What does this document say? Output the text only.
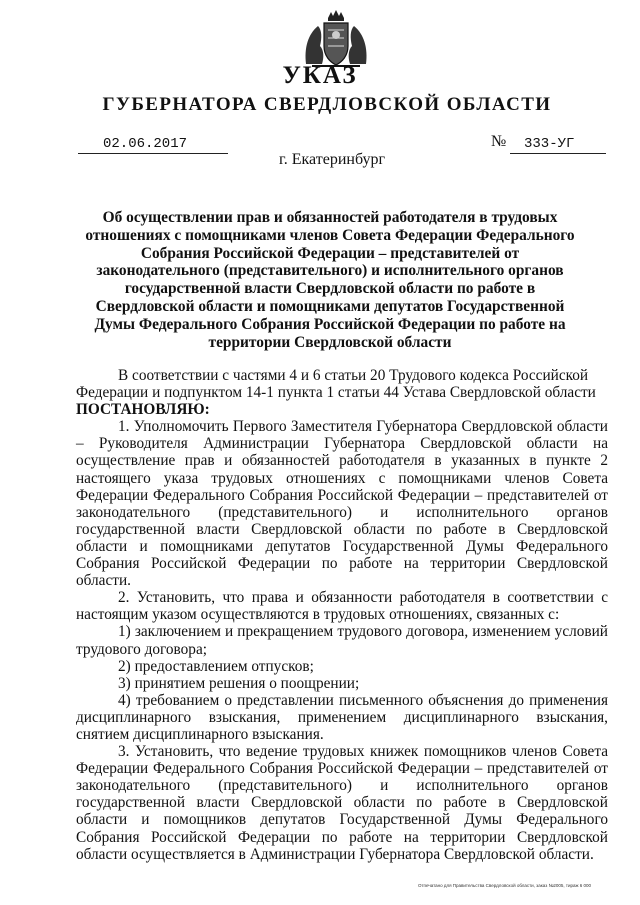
УКАЗ
ГУБЕРНАТОРА СВЕРДЛОВСКОЙ ОБЛАСТИ
02.06.2017	№	333-УГ
г. Екатеринбург

Об осуществлении прав и обязанностей работодателя в трудовых отношениях с помощниками членов Совета Федерации Федерального Собрания Российской Федерации – представителей от законодательного (представительного) и исполнительного органов государственной власти Свердловской области по работе в Свердловской области и помощниками депутатов Государственной Думы Федерального Собрания Российской Федерации по работе на территории Свердловской области

В соответствии с частями 4 и 6 статьи 20 Трудового кодекса Российской

Федерации и подпунктом 14-1 пункта 1 статьи 44 Устава Свердловской области

ПОСТАНОВЛЯЮ:

1. Уполномочить Первого Заместителя Губернатора Свердловской области – Руководителя Администрации Губернатора Свердловской области на осуществление прав и обязанностей работодателя в указанных в пункте 2 настоящего указа трудовых отношениях с помощниками членов Совета Федерации Федерального Собрания Российской Федерации – представителей от законодательного (представительного) и исполнительного органов государственной власти Свердловской области по работе в Свердловской области и помощниками депутатов Государственной Думы Федерального Собрания Российской Федерации по работе на территории Свердловской области.

2. Установить, что права и обязанности работодателя в соответствии с настоящим указом осуществляются в трудовых отношениях, связанных с:

1) заключением и прекращением трудового договора, изменением условий трудового договора;

2) предоставлением отпусков;

3) принятием решения о поощрении;

4) требованием о представлении письменного объяснения до применения дисциплинарного взыскания, применением дисциплинарного взыскания, снятием дисциплинарного взыскания.

3. Установить, что ведение трудовых книжек помощников членов Совета Федерации Федерального Собрания Российской Федерации – представителей от законодательного (представительного) и исполнительного органов государственной власти Свердловской области по работе в Свердловской области и помощников депутатов Государственной Думы Федерального Собрания Российской Федерации по работе на территории Свердловской области осуществляется в Администрации Губернатора Свердловской области.

Отпечатано для Правительства Свердловской области, заказ №2005, тираж 6 000
